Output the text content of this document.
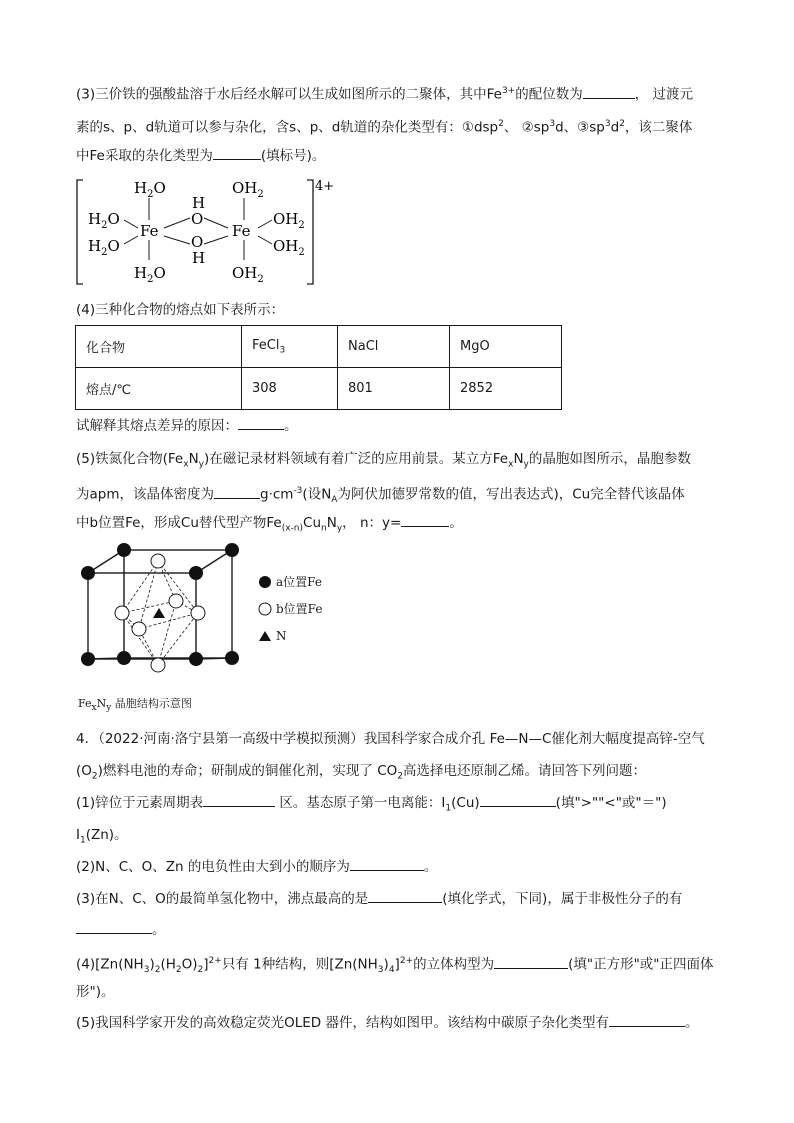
(3)三价铁的强酸盐溶于水后经水解可以生成如图所示的二聚体，其中$Fe^{3+}$的配位数为	， 过渡元
素的s、p、d轨道可以参与杂化，含s、p、d轨道的杂化类型有：①dsp$^2$、 $②sp^3d$、$③sp^3d^2$，该二聚体
中Fe采取的杂化类型为	(填标号)。
4+
$H_2O$
$H_2O$
$H_2O$
$H_2O$
Fe
O
H
O
H
Fe
$OH_2$
$OH_2$
$OH_2$
$OH_2$
(4)三种化合物的熔点如下表所示：
化合物	FeCl$_3$	NaCl	MgO
熔点/℃	308	801	2852
试解释其熔点差异的原因：	。
(5)铁氮化合物$(Fe_xN_y)$在磁记录材料领域有着广泛的应用前景。某立方$Fe_xN_y$的晶胞如图所示，晶胞参数
为apm，该晶体密度为	$g\cdot cm^{-3}$(设$N_A$为阿伏加德罗常数的值，写出表达式)，Cu完全替代该晶体
中b位置Fe，形成Cu替代型产物$Fe_{(x-n)}Cu_nN_y$， n：y=	。
a位置Fe
b位置Fe
N
$Fe_xN_y$ 晶胞结构示意图
4．（2022·河南·洛宁县第一高级中学模拟预测）我国科学家合成介孔 Fe—N—C催化剂大幅度提高锌-空气
$(O_2)$燃料电池的寿命；研制成的铜催化剂，实现了 $CO_2$高选择电还原制乙烯。请回答下列问题：
(1)锌位于元素周期表	区。基态原子第一电离能：$I_1(Cu)$	(填">""<"或"＝")
$I_1(Zn)$。
(2)N、C、O、Zn 的电负性由大到小的顺序为	。
(3)在N、C、O的最简单氢化物中，沸点最高的是	(填化学式，下同)，属于非极性分子的有
。
$(4)[Zn(NH_3)_2(H_2O)_2]^{2+}$只有 1种结构，则$[Zn(NH_3)_4]^{2+}$的立体构型为	(填"正方形"或"正四面体
形")。
(5)我国科学家开发的高效稳定荧光OLED 器件，结构如图甲。该结构中碳原子杂化类型有	。
